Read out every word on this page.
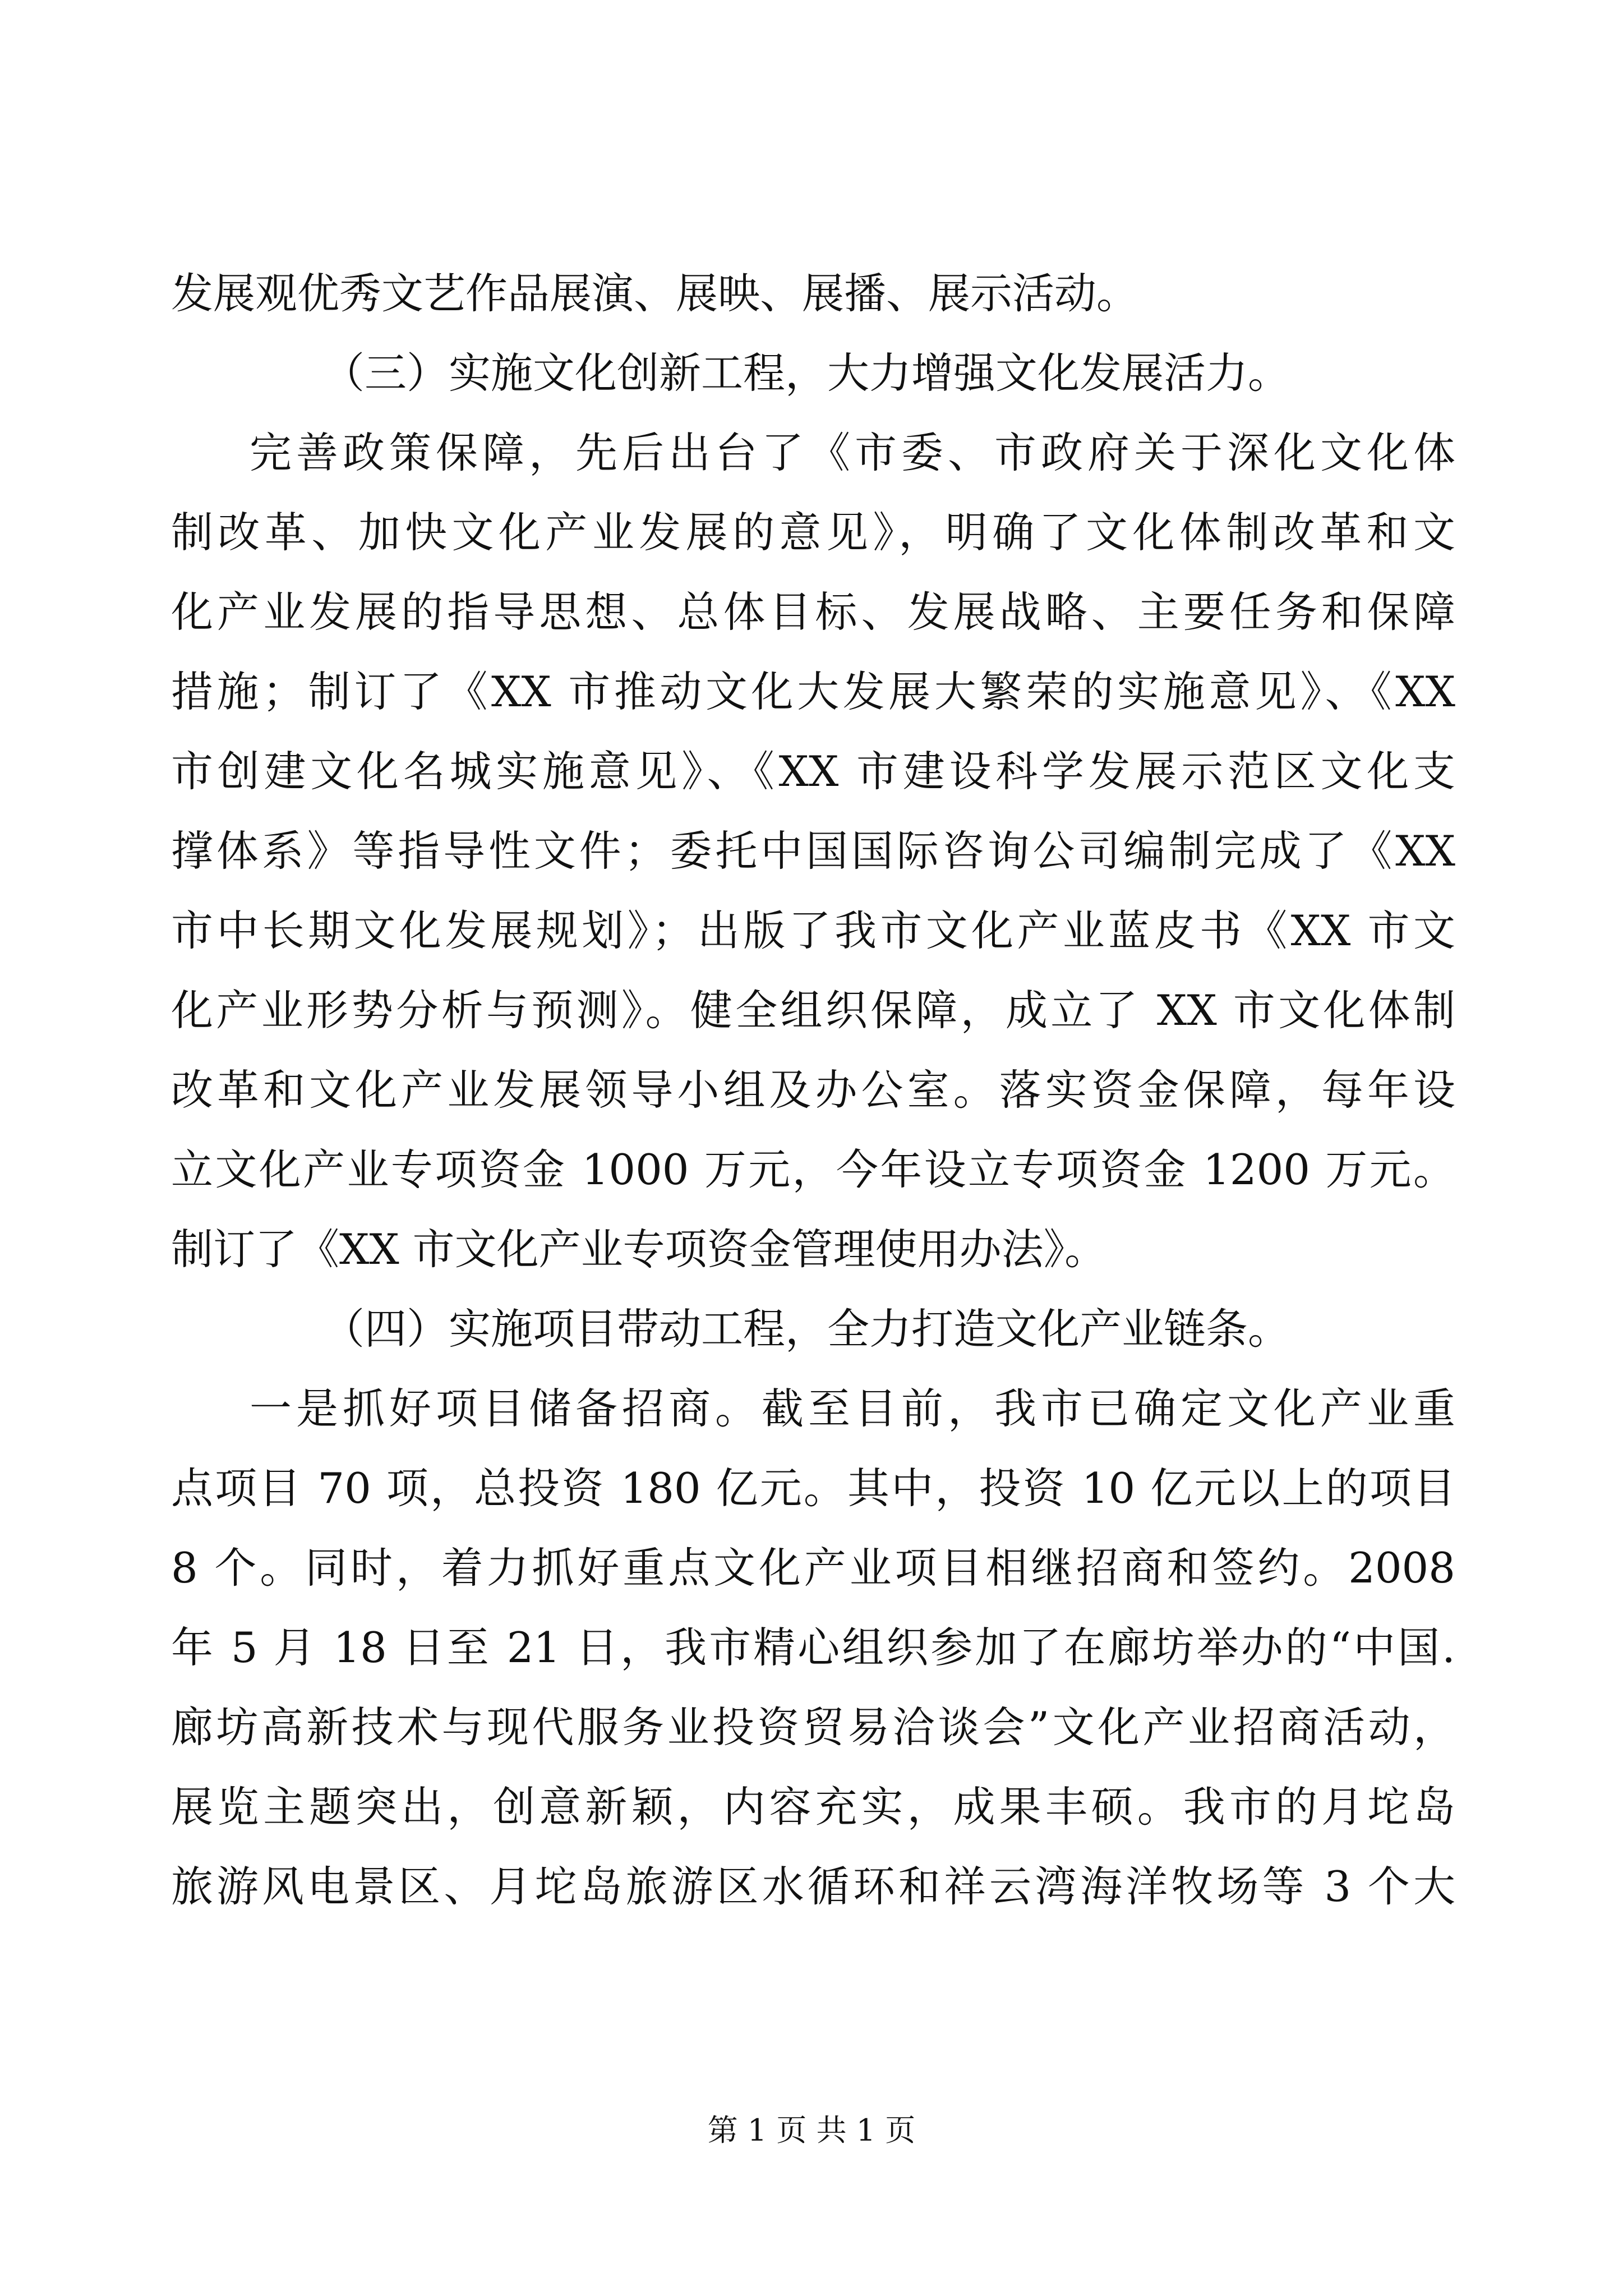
发展观优秀文艺作品展演、展映、展播、展示活动。
（三）实施文化创新工程，大力增强文化发展活力。
完善政策保障，先后出台了《市委、市政府关于深化文化体
制改革、加快文化产业发展的意见》，明确了文化体制改革和文
化产业发展的指导思想、总体目标、发展战略、主要任务和保障
措施；制订了《XX 市推动文化大发展大繁荣的实施意见》、《XX
市创建文化名城实施意见》、《XX 市建设科学发展示范区文化支
撑体系》等指导性文件；委托中国国际咨询公司编制完成了《XX
市中长期文化发展规划》；出版了我市文化产业蓝皮书《XX 市文
化产业形势分析与预测》。健全组织保障，成立了 XX 市文化体制
改革和文化产业发展领导小组及办公室。落实资金保障，每年设
立文化产业专项资金 1000 万元，今年设立专项资金 1200 万元。
制订了《XX 市文化产业专项资金管理使用办法》。
（四）实施项目带动工程，全力打造文化产业链条。
一是抓好项目储备招商。截至目前，我市已确定文化产业重
点项目 70 项，总投资 180 亿元。其中，投资 10 亿元以上的项目
8 个。同时，着力抓好重点文化产业项目相继招商和签约。2008
年 5 月 18 日至 21 日，我市精心组织参加了在廊坊举办的“中国.
廊坊高新技术与现代服务业投资贸易洽谈会”文化产业招商活动，
展览主题突出，创意新颖，内容充实，成果丰硕。我市的月坨岛
旅游风电景区、月坨岛旅游区水循环和祥云湾海洋牧场等 3 个大
第 1 页 共 1 页
